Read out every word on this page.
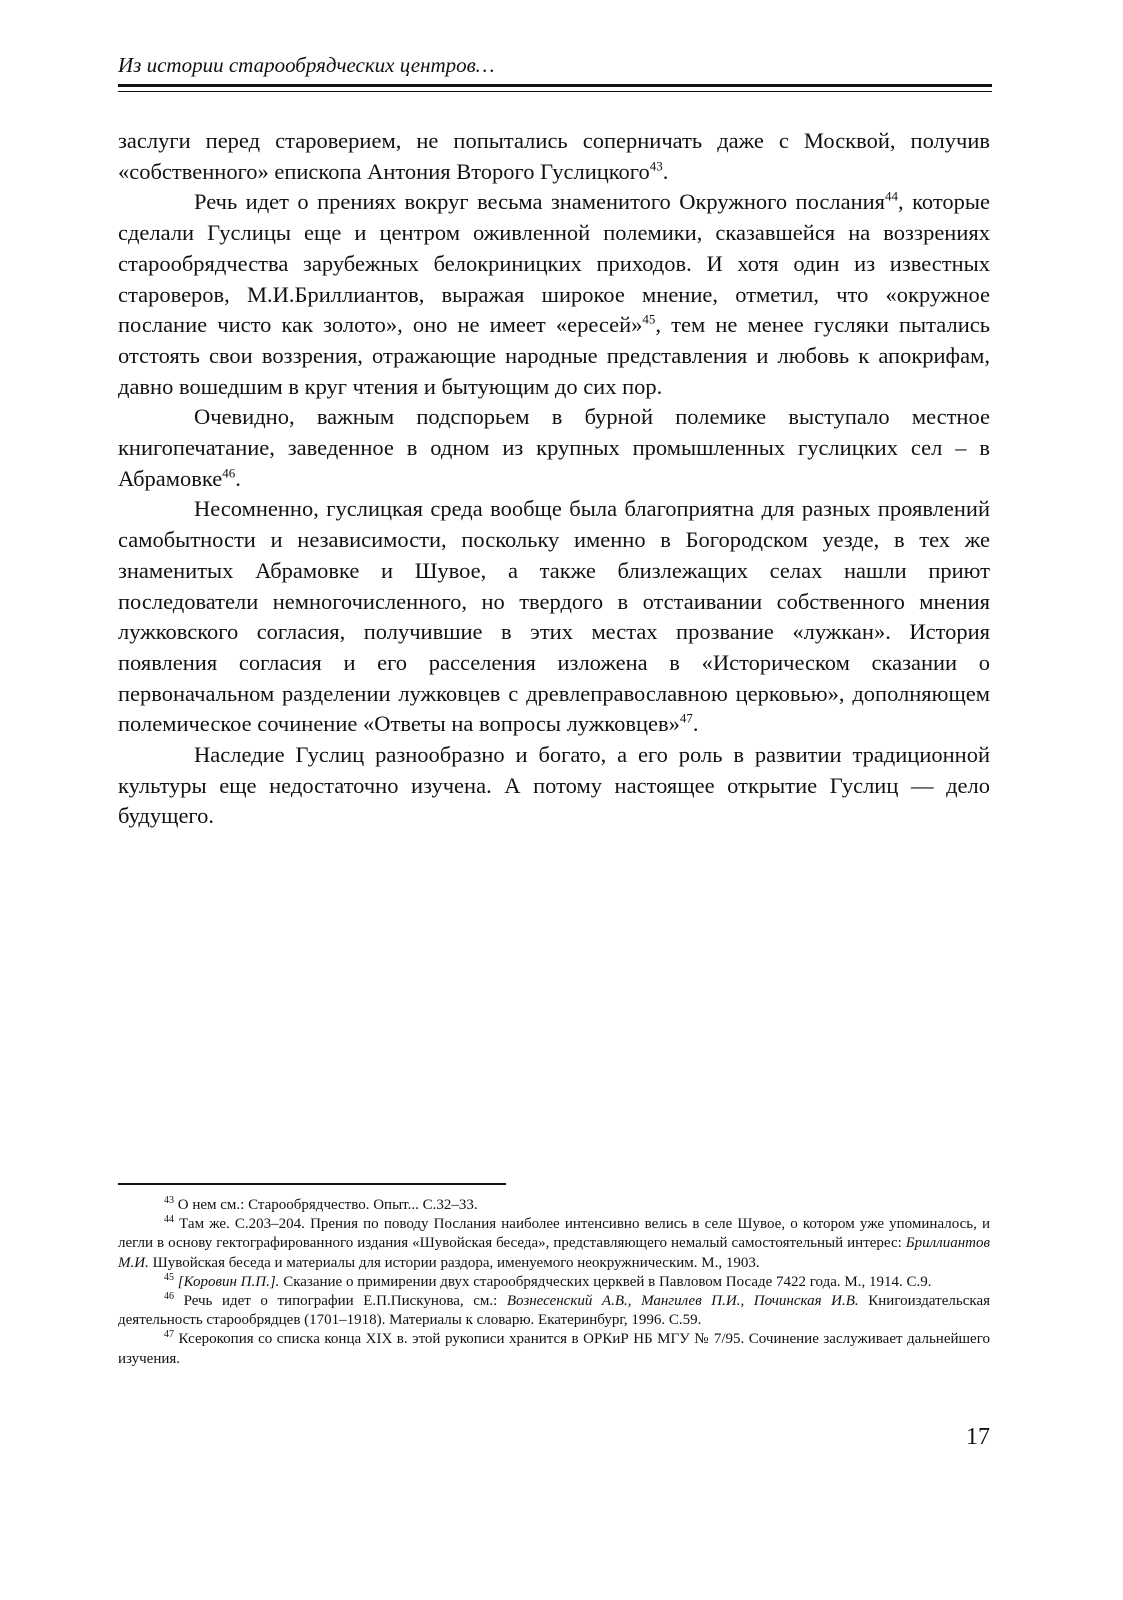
Из истории старообрядческих центров…

заслуги перед староверием, не попытались соперничать даже с Москвой, получив «собственного» епископа Антония Второго Гуслицкого$^{43}$.

Речь идет о прениях вокруг весьма знаменитого Окружного послания$^{44}$, которые сделали Гуслицы еще и центром оживленной полемики, сказавшейся на воззрениях старообрядчества зарубежных белокриницких приходов. И хотя один из известных староверов, М.И.Бриллиантов, выражая широкое мнение, отметил, что «окружное послание чисто как золото», оно не имеет «ересей»$^{45}$, тем не менее гусляки пытались отстоять свои воззрения, отражающие народные представления и любовь к апокрифам, давно вошедшим в круг чтения и бытующим до сих пор.

Очевидно, важным подспорьем в бурной полемике выступало местное книгопечатание, заведенное в одном из крупных промышленных гуслицких сел – в Абрамовке$^{46}$.

Несомненно, гуслицкая среда вообще была благоприятна для разных проявлений самобытности и независимости, поскольку именно в Богородском уезде, в тех же знаменитых Абрамовке и Шувое, а также близлежащих селах нашли приют последователи немногочисленного, но твердого в отстаивании собственного мнения лужковского согласия, получившие в этих местах прозвание «лужкан». История появления согласия и его расселения изложена в «Историческом сказании о первоначальном разделении лужковцев с древлеправославною церковью», дополняющем полемическое сочинение «Ответы на вопросы лужковцев»$^{47}$.

Наследие Гуслиц разнообразно и богато, а его роль в развитии традиционной культуры еще недостаточно изучена. А потому настоящее открытие Гуслиц — дело будущего.

$^{43}$ О нем см.: Старообрядчество. Опыт... С.32–33.

$^{44}$ Там же. С.203–204. Прения по поводу Послания наиболее интенсивно велись в селе Шувое, о котором уже упоминалось, и легли в основу гектографированного издания «Шувойская беседа», представляющего немалый самостоятельный интерес: Бриллиантов М.И. Шувойская беседа и материалы для истории раздора, именуемого неокружническим. М., 1903.

$^{45}$ [Коровин П.П.]. Сказание о примирении двух старообрядческих церквей в Павловом Посаде 7422 года. М., 1914. С.9.

$^{46}$ Речь идет о типографии Е.П.Пискунова, см.: Вознесенский А.В., Мангилев П.И., Починская И.В. Книгоиздательская деятельность старообрядцев (1701–1918). Материалы к словарю. Екатеринбург, 1996. С.59.

$^{47}$ Ксерокопия со списка конца XIX в. этой рукописи хранится в ОРКиР НБ МГУ № 7/95. Сочинение заслуживает дальнейшего изучения.

17
